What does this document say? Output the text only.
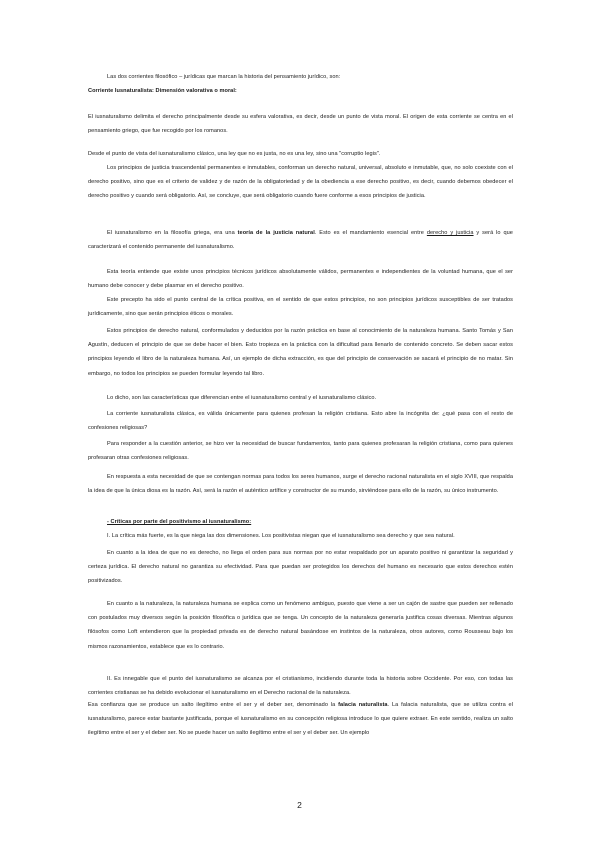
Las dos corrientes filosófico – jurídicas que marcan la historia del pensamiento jurídico, son:

Corriente Iusnaturalista: Dimensión valorativa o moral:

El iusnaturalismo delimita el derecho principalmente desde su esfera valorativa, es decir, desde un punto de vista moral. El origen de esta corriente se centra en el pensamiento griego, que fue recogido por los romanos.

Desde el punto de vista del iusnaturalismo clásico, una ley que no es justa, no es una ley, sino una "corruptio legis".

Los principios de justicia trascendental permanentes e inmutables, conforman un derecho natural, universal, absoluto e inmutable, que, no solo coexiste con el derecho positivo, sino que es el criterio de validez y de razón de la obligatoriedad y de la obediencia a ese derecho positivo, es decir, cuando debemos obedecer el derecho positivo y cuando será obligatorio. Así, se concluye, que será obligatorio cuando fuere conforme a esos principios de justicia.

El iusnaturalismo en la filosofía griega, era una teoría de la justicia natural. Esto es el mandamiento esencial entre derecho y justicia y será lo que caracterizará el contenido permanente del iusnaturalismo.

Esta teoría entiende que existe unos principios técnicos jurídicos absolutamente válidos, permanentes e independientes de la voluntad humana, que el ser humano debe conocer y debe plasmar en el derecho positivo.

Este precepto ha sido el punto central de la crítica positiva, en el sentido de que estos principios, no son principios jurídicos susceptibles de ser tratados jurídicamente, sino que serán principios éticos o morales.

Estos principios de derecho natural, conformulados y deducidos por la razón práctica en base al conocimiento de la naturaleza humana. Santo Tomás y San Agustín, deducen el principio de que se debe hacer el bien. Esto tropieza en la práctica con la dificultad para llenarlo de contenido concreto. Se deben sacar estos principios leyendo el libro de la naturaleza humana. Así, un ejemplo de dicha extracción, es que del principio de conservación se sacará el principio de no matar. Sin embargo, no todos los principios se pueden formular leyendo tal libro.

Lo dicho, son las características que diferencian entre el iusnaturalismo central y el iusnaturalismo clásico.

La corriente iusnaturalista clásica, es válida únicamente para quienes profesan la religión cristiana. Esto abre la incógnita de: ¿qué pasa con el resto de confesiones religiosas?

Para responder a la cuestión anterior, se hizo ver la necesidad de buscar fundamentos, tanto para quienes profesaran la religión cristiana, como para quienes profesaran otras confesiones religiosas.

En respuesta a esta necesidad de que se contengan normas para todos los seres humanos, surge el derecho racional naturalista en el siglo XVIII, que respalda la idea de que la única diosa es la razón. Así, será la razón el auténtico artífice y constructor de su mundo, sirviéndose para ello de la razón, su único instrumento.

- Críticas por parte del positivismo al iusnaturalismo:

I. La crítica más fuerte, es la que niega las dos dimensiones. Los positivistas niegan que el iusnaturalismo sea derecho y que sea natural.

En cuanto a la idea de que no es derecho, no llega el orden para sus normas por no estar respaldado por un aparato positivo ni garantizar la seguridad y certeza jurídica. El derecho natural no garantiza su efectividad. Para que puedan ser protegidos los derechos del humano es necesario que estos derechos estén positivizados.

En cuanto a la naturaleza, la naturaleza humana se explica como un fenómeno ambiguo, puesto que viene a ser un cajón de sastre que pueden ser rellenado con postulados muy diversos según la posición filosófica o jurídica que se tenga. Un concepto de la naturaleza generaría justifica cosas diversas. Mientras algunos filósofos como Loft entendieron que la propiedad privada es de derecho natural basándose en instintos de la naturaleza, otros autores, como Rousseau bajo los mismos razonamientos, establece que es lo contrario.

II. Es innegable que el punto del iusnaturalismo se alcanza por el cristianismo, incidiendo durante toda la historia sobre Occidente. Por eso, con todas las corrientes cristianas se ha debido evolucionar el iusnaturalismo en el Derecho racional de la naturaleza.

Esa confianza que se produce un salto ilegítimo entre el ser y el deber ser, denominado la falacia naturalista. La falacia naturalista, que se utiliza contra el iusnaturalismo, parece estar bastante justificada, porque el iusnaturalismo en su concepción religiosa introduce lo que quiere extraer. En este sentido, realiza un salto ilegítimo entre el ser y el deber ser. No se puede hacer un salto ilegítimo entre el ser y el deber ser. Un ejemplo

2
